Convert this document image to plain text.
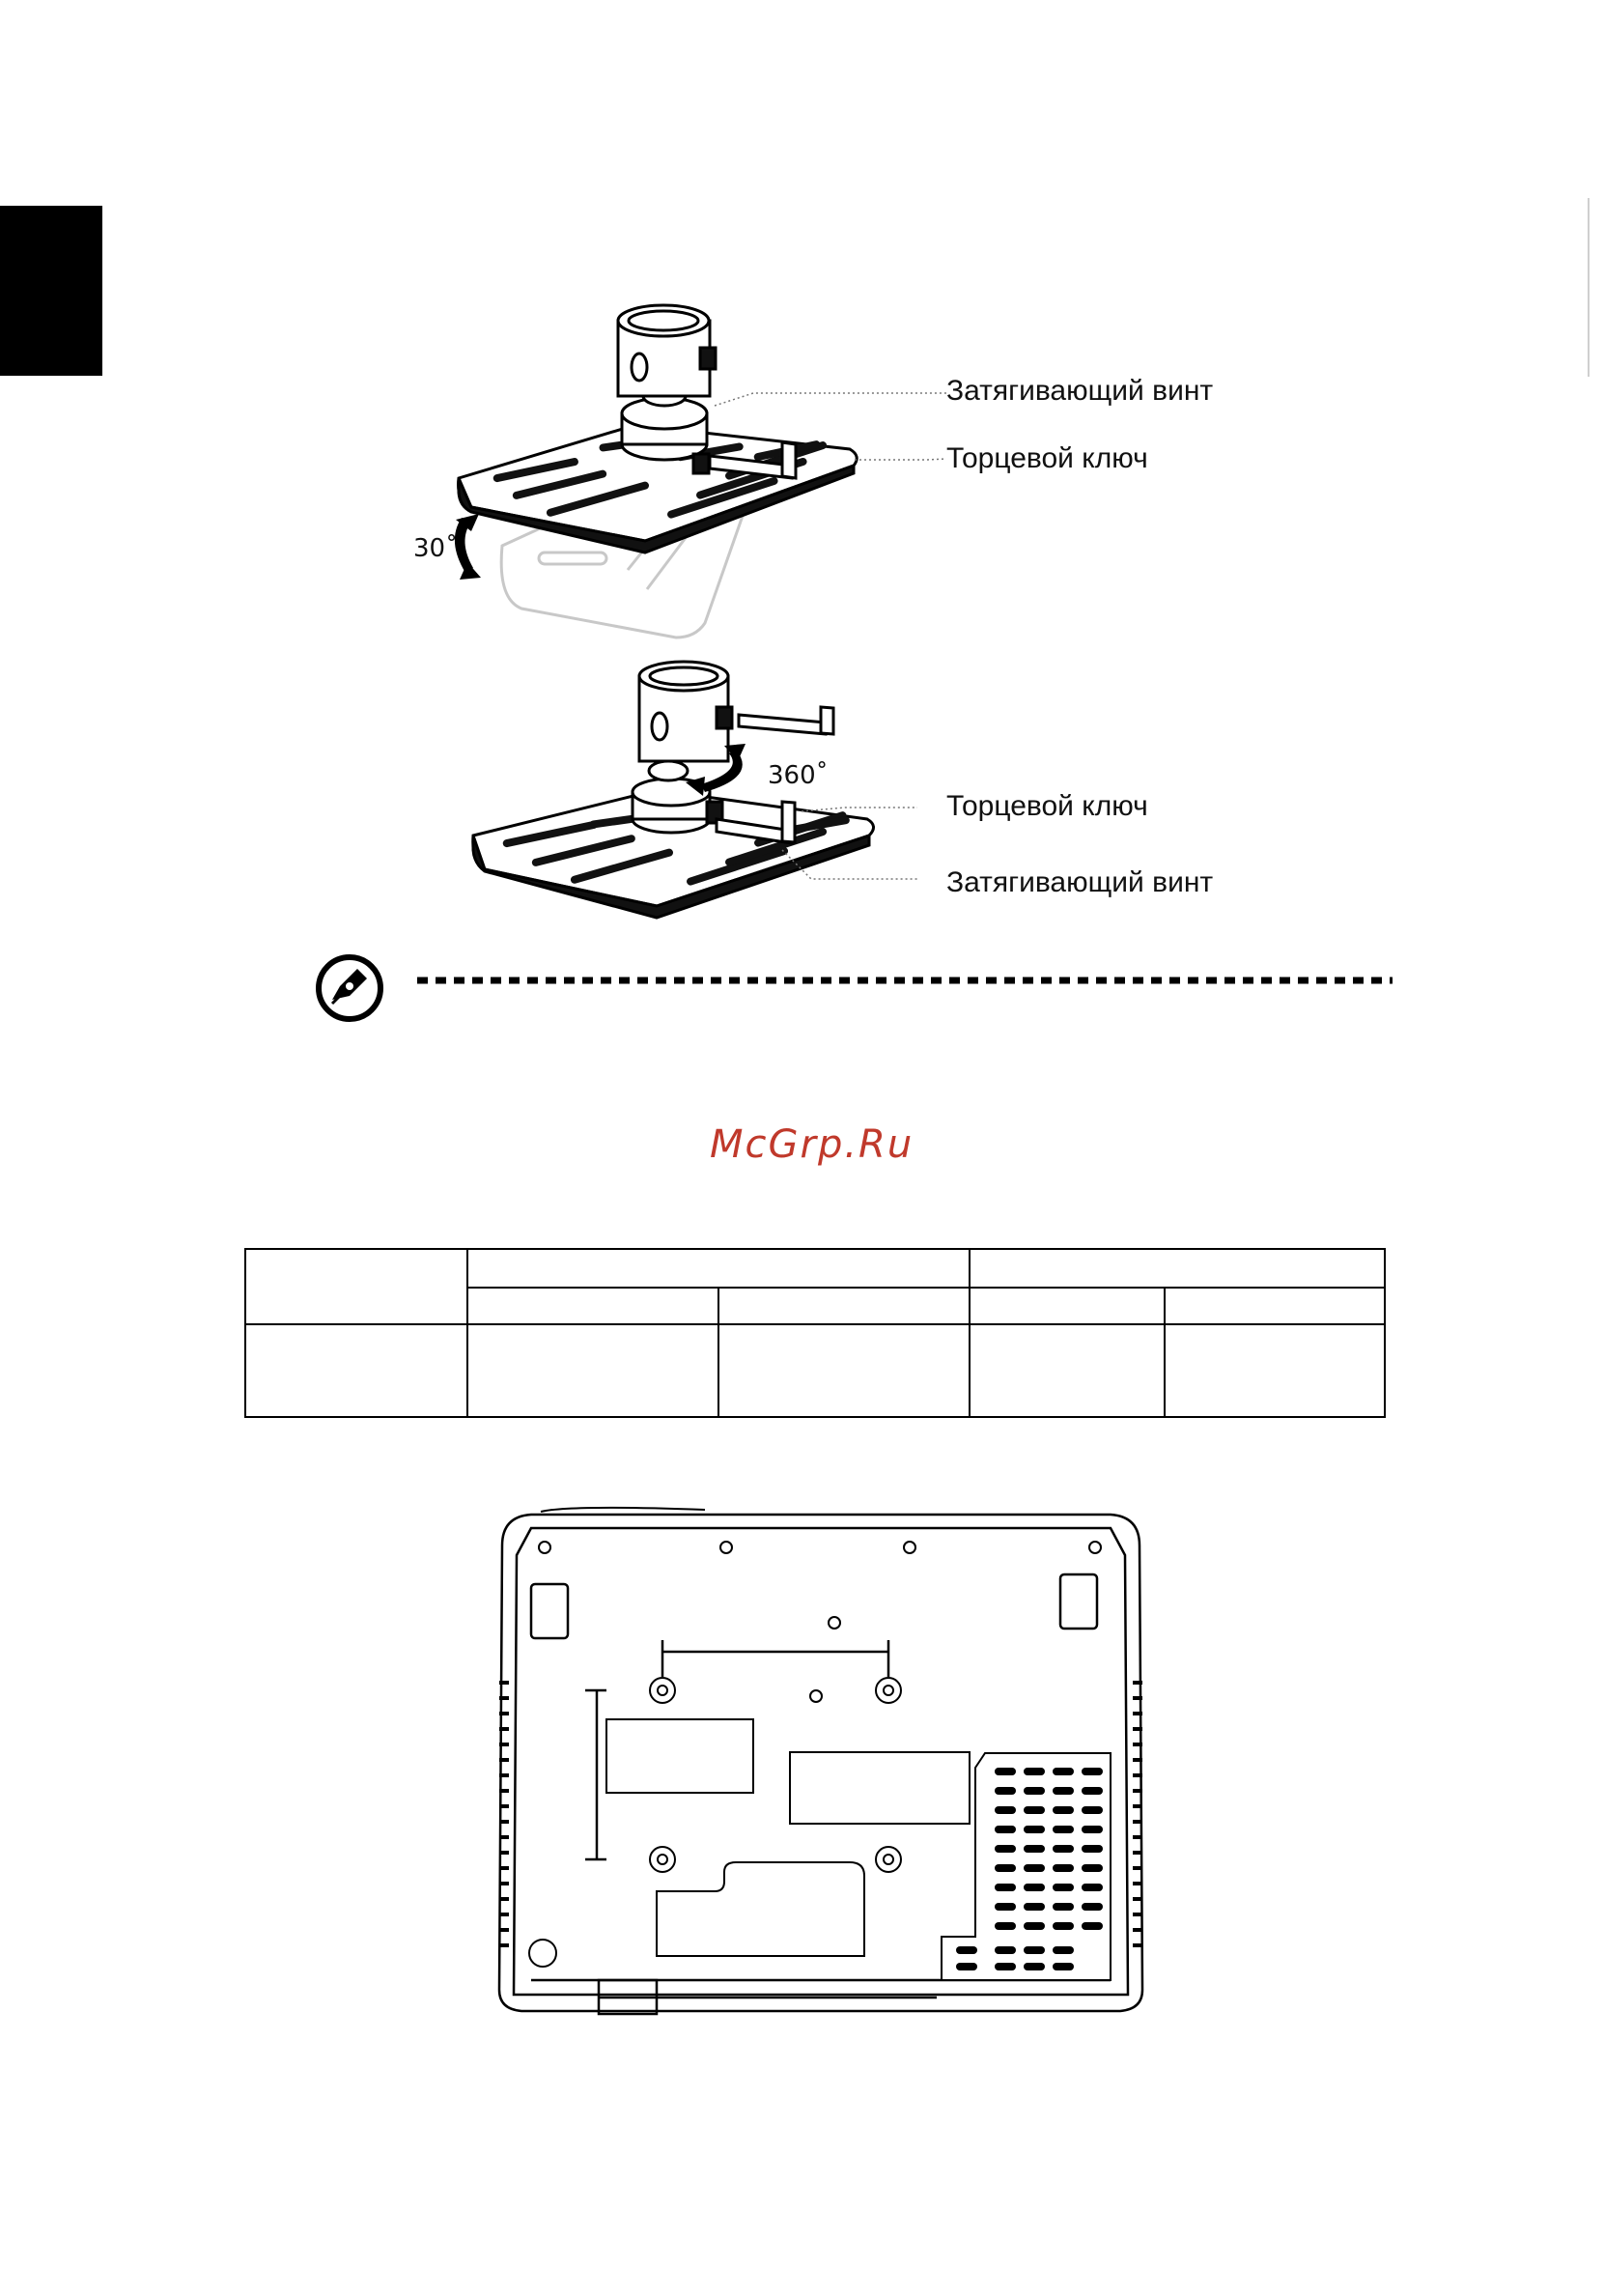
Затягивающий винт
Торцевой ключ
30˚
Торцевой ключ
Затягивающий винт
360˚
McGrp.Ru
